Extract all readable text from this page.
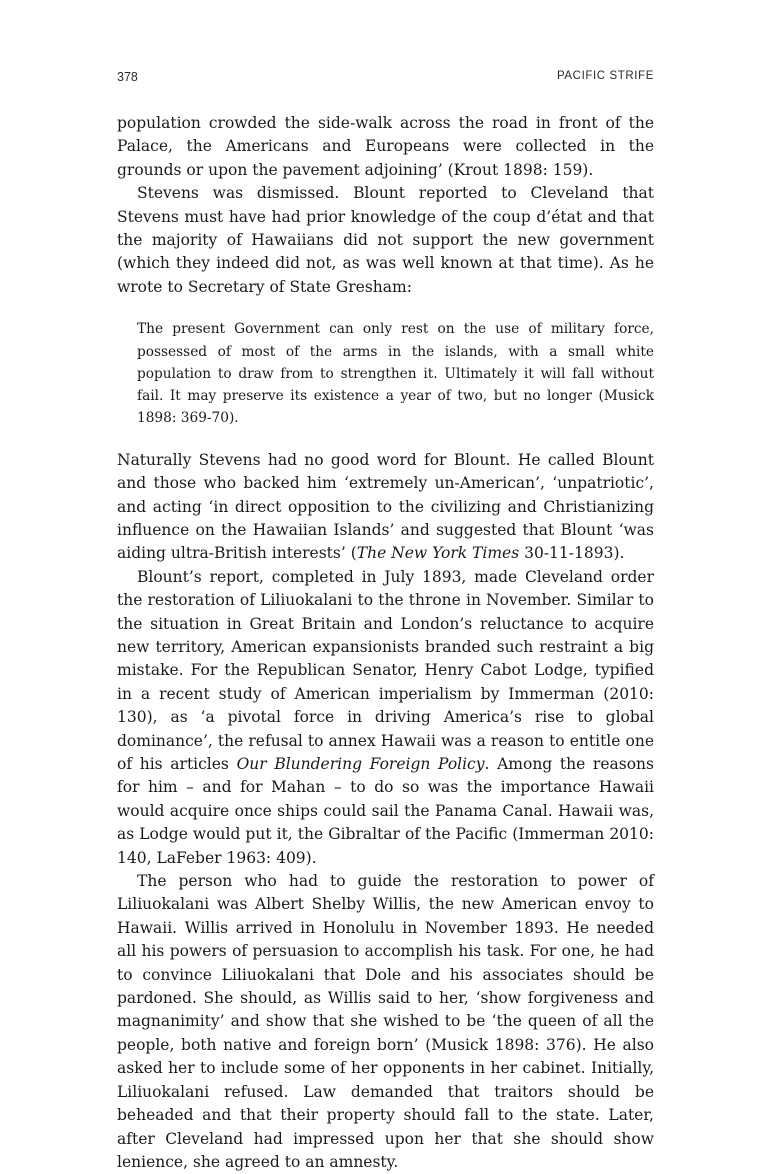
378	PACIFIC STRIFE

population crowded the side-walk across the road in front of the Palace, the Americans and Europeans were collected in the grounds or upon the pavement adjoining’ (Krout 1898: 159).

Stevens was dismissed. Blount reported to Cleveland that Stevens must have had prior knowledge of the coup d’état and that the majority of Hawaiians did not support the new government (which they indeed did not, as was well known at that time). As he wrote to Secretary of State Gresham:

The present Government can only rest on the use of military force, possessed of most of the arms in the islands, with a small white population to draw from to strengthen it. Ultimately it will fall without fail. It may preserve its existence a year of two, but no longer (Musick 1898: 369-70).

Naturally Stevens had no good word for Blount. He called Blount and those who backed him ‘extremely un-American’, ‘unpatriotic’, and acting ‘in direct opposition to the civilizing and Christianizing influence on the Hawaiian Islands’ and suggested that Blount ‘was aiding ultra-British interests’ (The New York Times 30-11-1893).

Blount’s report, completed in July 1893, made Cleveland order the restoration of Liliuokalani to the throne in November. Similar to the situation in Great Britain and London’s reluctance to acquire new territory, American expansionists branded such restraint a big mistake. For the Republican Senator, Henry Cabot Lodge, typified in a recent study of American imperialism by Immerman (2010: 130), as ‘a pivotal force in driving America’s rise to global dominance’, the refusal to annex Hawaii was a reason to entitle one of his articles Our Blundering Foreign Policy. Among the reasons for him – and for Mahan – to do so was the importance Hawaii would acquire once ships could sail the Panama Canal. Hawaii was, as Lodge would put it, the Gibraltar of the Pacific (Immerman 2010: 140, LaFeber 1963: 409).

The person who had to guide the restoration to power of Liliuokalani was Albert Shelby Willis, the new American envoy to Hawaii. Willis arrived in Honolulu in November 1893. He needed all his powers of persuasion to accomplish his task. For one, he had to convince Liliuokalani that Dole and his associates should be pardoned. She should, as Willis said to her, ‘show forgiveness and magnanimity’ and show that she wished to be ‘the queen of all the people, both native and foreign born’ (Musick 1898: 376). He also asked her to include some of her opponents in her cabinet. Initially, Liliuokalani refused. Law demanded that traitors should be beheaded and that their property should fall to the state. Later, after Cleveland had impressed upon her that she should show lenience, she agreed to an amnesty.
